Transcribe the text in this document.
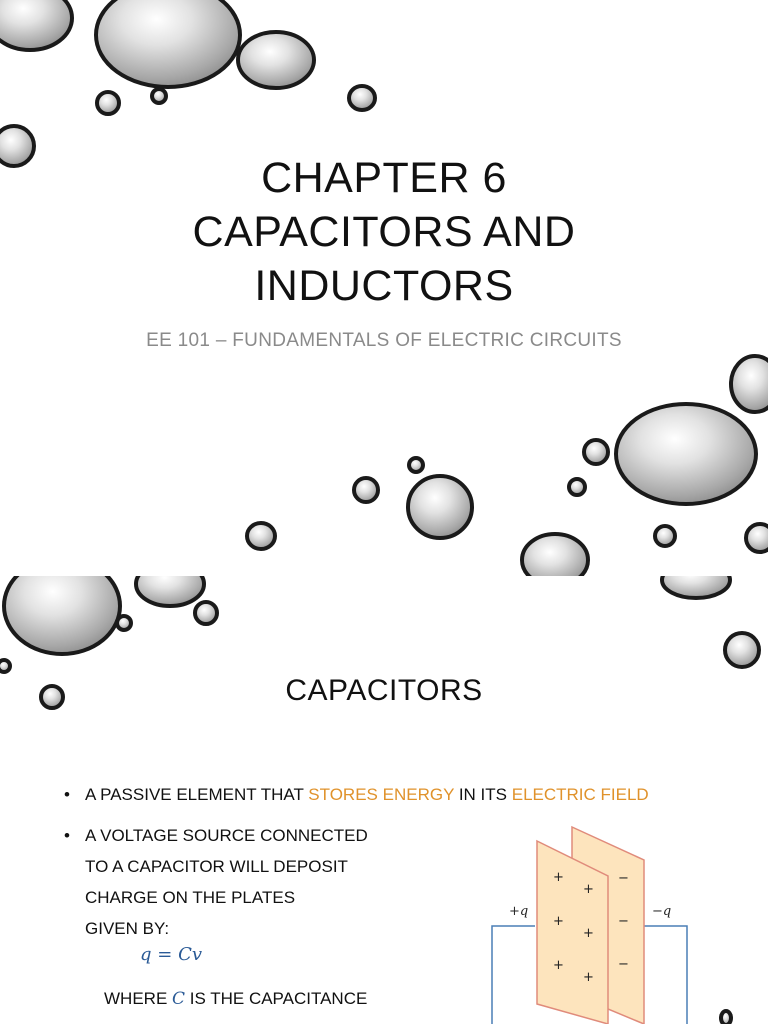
CHAPTER 6
CAPACITORS AND
INDUCTORS
EE 101 – FUNDAMENTALS OF ELECTRIC CIRCUITS
CAPACITORS
• A PASSIVE ELEMENT THAT STORES ENERGY IN ITS ELECTRIC FIELD
• A VOLTAGE SOURCE CONNECTED
TO A CAPACITOR WILL DEPOSIT
CHARGE ON THE PLATES
GIVEN BY:
q = Cv
WHERE C IS THE CAPACITANCE
+
+
+
+
+
+
−
−
−
+q	−q
